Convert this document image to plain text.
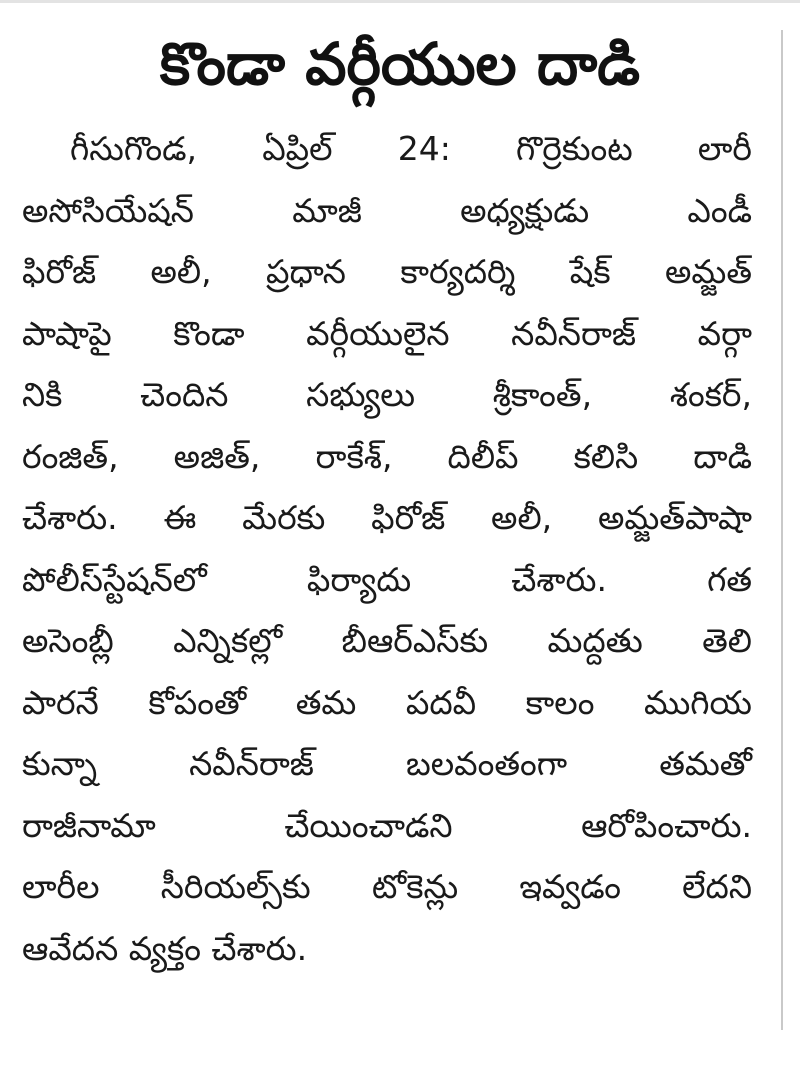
కొండా వర్గీయుల దాడి
గీసుగొండ, ఏప్రిల్ 24: గొర్రెకుంట లారీ
అసోసియేషన్ మాజీ అధ్యక్షుడు ఎండీ
ఫిరోజ్ అలీ, ప్రధాన కార్యదర్శి షేక్ అమ్జత్
పాషాపై కొండా వర్గీయులైన నవీన్‌రాజ్ వర్గా
నికి చెందిన సభ్యులు శ్రీకాంత్, శంకర్,
రంజిత్, అజిత్, రాకేశ్, దిలీప్ కలిసి దాడి
చేశారు. ఈ మేరకు ఫిరోజ్ అలీ, అమ్జత్‌పాషా
పోలీస్‌స్టేషన్‌లో ఫిర్యాదు చేశారు. గత
అసెంబ్లీ ఎన్నికల్లో బీఆర్‌ఎస్‌కు మద్దతు తెలి
పారనే కోపంతో తమ పదవీ కాలం ముగియ
కున్నా నవీన్‌రాజ్ బలవంతంగా తమతో
రాజీనామా చేయించాడని ఆరోపించారు.
లారీల సీరియల్స్‌కు టోకెన్లు ఇవ్వడం లేదని
ఆవేదన వ్యక్తం చేశారు.
